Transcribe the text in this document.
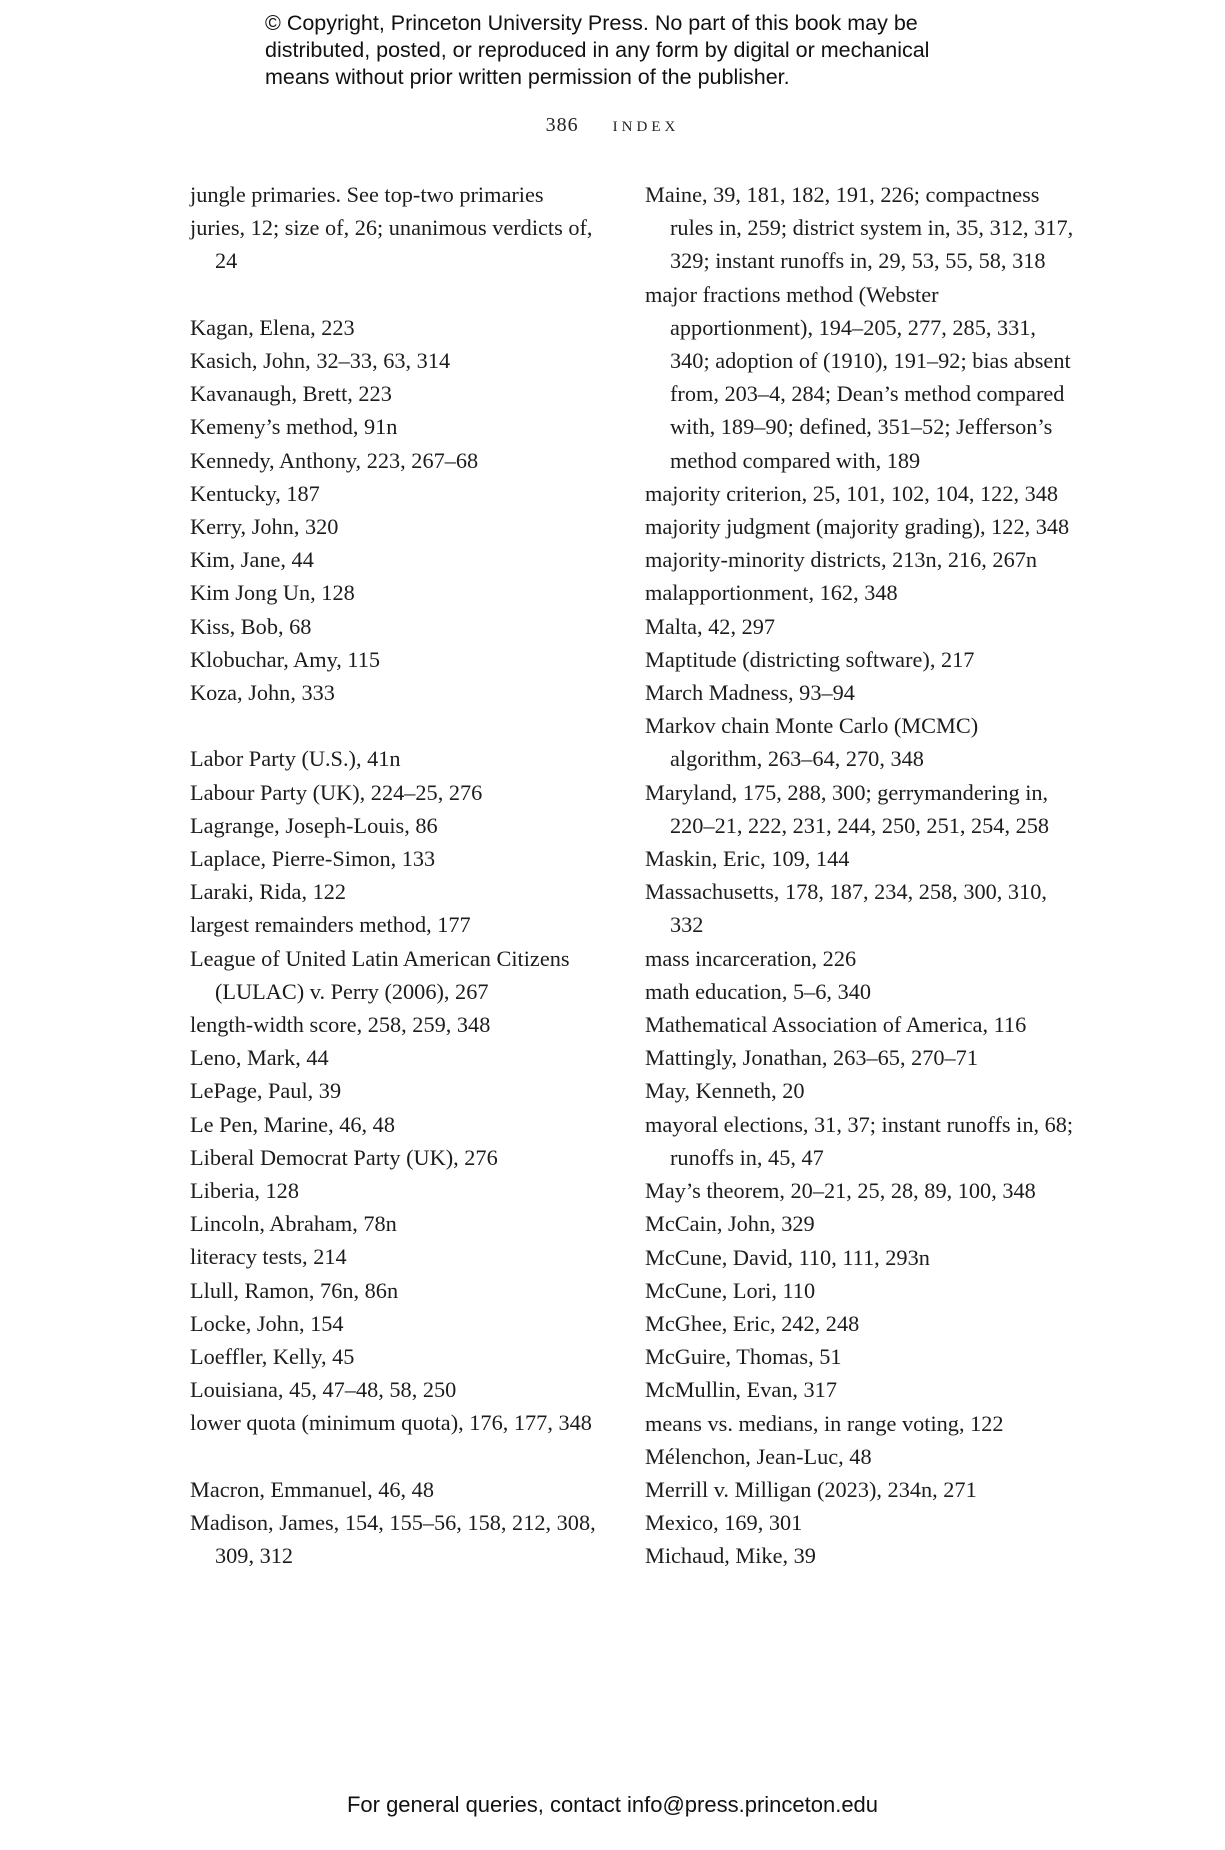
© Copyright, Princeton University Press. No part of this book may be
distributed, posted, or reproduced in any form by digital or mechanical
means without prior written permission of the publisher.
386 index
jungle primaries. See top-two primaries
juries, 12; size of, 26; unanimous verdicts of, 24
Kagan, Elena, 223
Kasich, John, 32–33, 63, 314
Kavanaugh, Brett, 223
Kemeny’s method, 91n
Kennedy, Anthony, 223, 267–68
Kentucky, 187
Kerry, John, 320
Kim, Jane, 44
Kim Jong Un, 128
Kiss, Bob, 68
Klobuchar, Amy, 115
Koza, John, 333
Labor Party (U.S.), 41n
Labour Party (UK), 224–25, 276
Lagrange, Joseph-Louis, 86
Laplace, Pierre-Simon, 133
Laraki, Rida, 122
largest remainders method, 177
League of United Latin American Citizens (LULAC) v. Perry (2006), 267
length-width score, 258, 259, 348
Leno, Mark, 44
LePage, Paul, 39
Le Pen, Marine, 46, 48
Liberal Democrat Party (UK), 276
Liberia, 128
Lincoln, Abraham, 78n
literacy tests, 214
Llull, Ramon, 76n, 86n
Locke, John, 154
Loeffler, Kelly, 45
Louisiana, 45, 47–48, 58, 250
lower quota (minimum quota), 176, 177, 348
Macron, Emmanuel, 46, 48
Madison, James, 154, 155–56, 158, 212, 308, 309, 312
Maine, 39, 181, 182, 191, 226; compactness rules in, 259; district system in, 35, 312, 317, 329; instant runoffs in, 29, 53, 55, 58, 318
major fractions method (Webster apportionment), 194–205, 277, 285, 331, 340; adoption of (1910), 191–92; bias absent from, 203–4, 284; Dean’s method compared with, 189–90; defined, 351–52; Jefferson’s method compared with, 189
majority criterion, 25, 101, 102, 104, 122, 348
majority judgment (majority grading), 122, 348
majority-minority districts, 213n, 216, 267n
malapportionment, 162, 348
Malta, 42, 297
Maptitude (districting software), 217
March Madness, 93–94
Markov chain Monte Carlo (MCMC) algorithm, 263–64, 270, 348
Maryland, 175, 288, 300; gerrymandering in, 220–21, 222, 231, 244, 250, 251, 254, 258
Maskin, Eric, 109, 144
Massachusetts, 178, 187, 234, 258, 300, 310, 332
mass incarceration, 226
math education, 5–6, 340
Mathematical Association of America, 116
Mattingly, Jonathan, 263–65, 270–71
May, Kenneth, 20
mayoral elections, 31, 37; instant runoffs in, 68; runoffs in, 45, 47
May’s theorem, 20–21, 25, 28, 89, 100, 348
McCain, John, 329
McCune, David, 110, 111, 293n
McCune, Lori, 110
McGhee, Eric, 242, 248
McGuire, Thomas, 51
McMullin, Evan, 317
means vs. medians, in range voting, 122
Mélenchon, Jean-Luc, 48
Merrill v. Milligan (2023), 234n, 271
Mexico, 169, 301
Michaud, Mike, 39
For general queries, contact info@press.princeton.edu
